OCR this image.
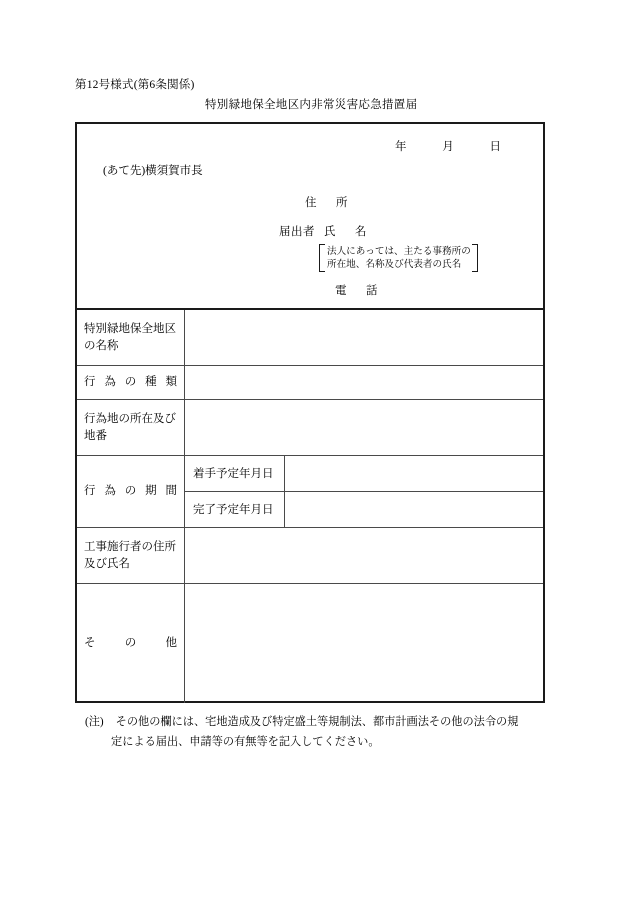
第12号様式(第6条関係)
特別緑地保全地区内非常災害応急措置届
年	月	日
(あて先)横須賀市長
住　所
届出者 氏　名
法人にあっては、主たる事務所の
所在地、名称及び代表者の氏名
電　話
特別緑地保全地区の名称
行 為 の 種 類
行為地の所在及び地番
行 為 の 期 間
着手予定年月日
完了予定年月日
工事施行者の住所及び氏名
そ	の	他
(注) その他の欄には、宅地造成及び特定盛土等規制法、都市計画法その他の法令の規
定による届出、申請等の有無等を記入してください。
